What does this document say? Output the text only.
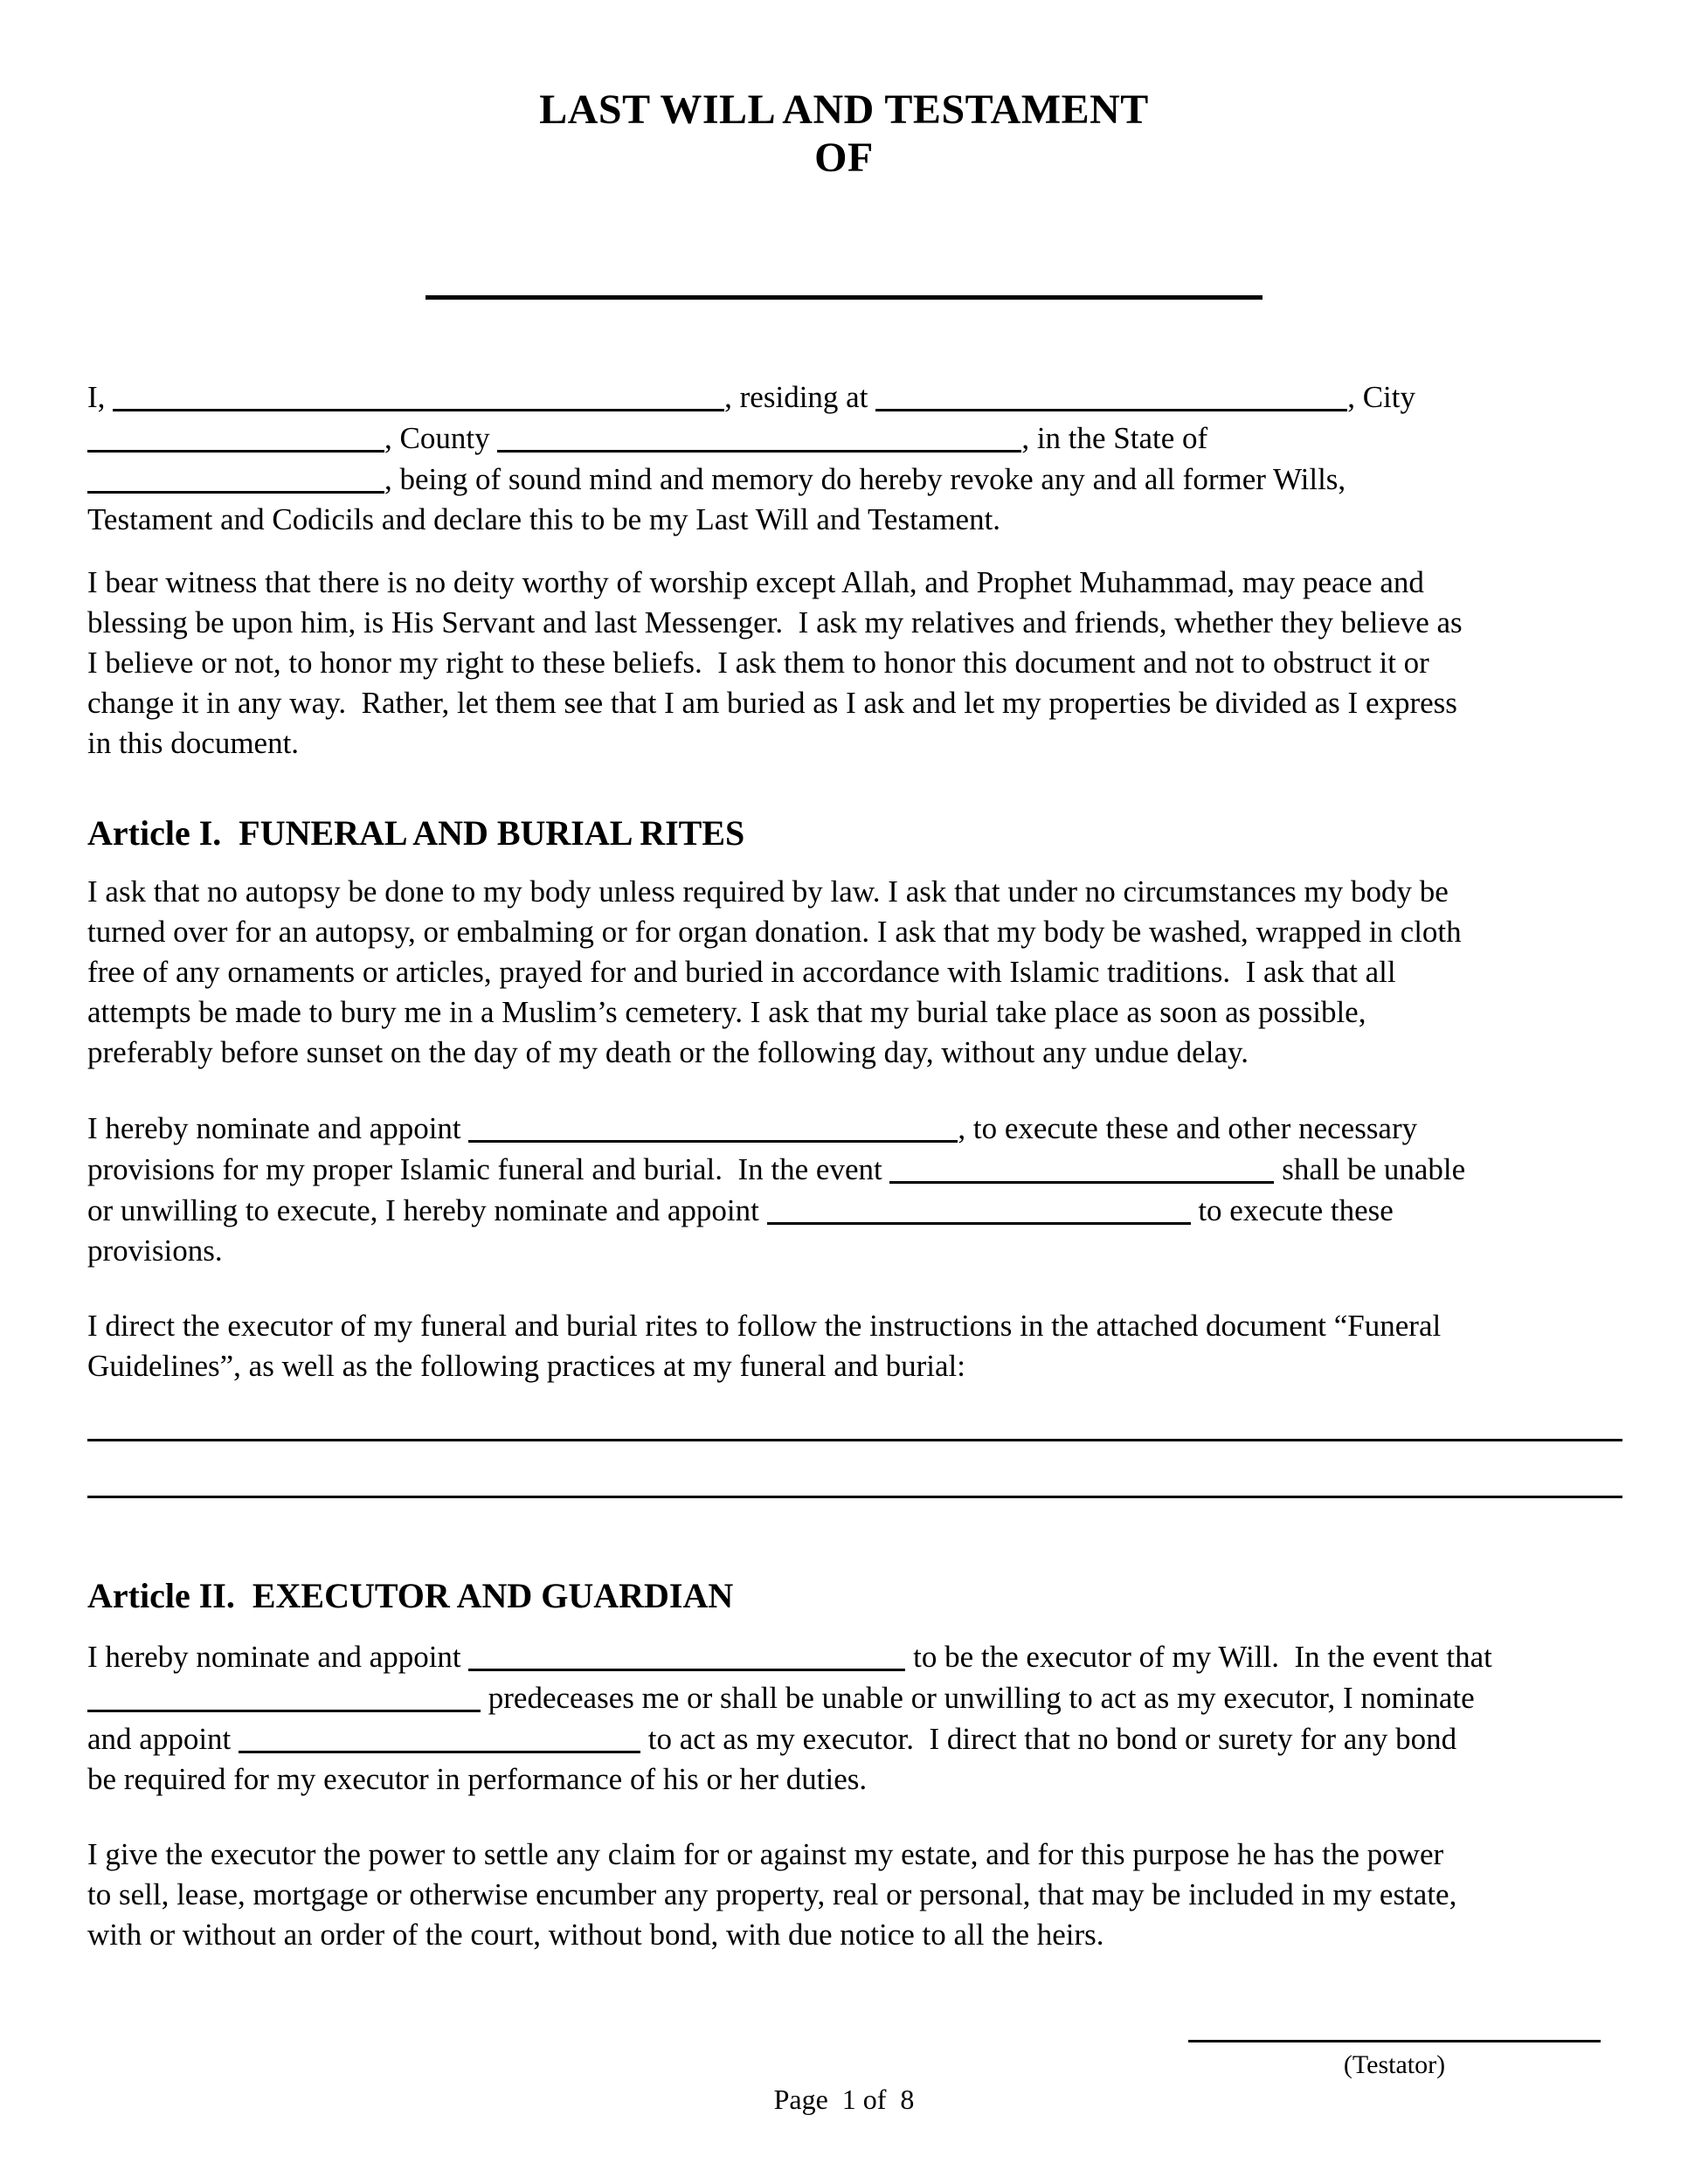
LAST WILL AND TESTAMENT
OF
I,	, residing at	, City
, County	, in the State of
, being of sound mind and memory do hereby revoke any and all former Wills,
Testament and Codicils and declare this to be my Last Will and Testament.
I bear witness that there is no deity worthy of worship except Allah, and Prophet Muhammad, may peace and
blessing be upon him, is His Servant and last Messenger.  I ask my relatives and friends, whether they believe as
I believe or not, to honor my right to these beliefs.  I ask them to honor this document and not to obstruct it or
change it in any way.  Rather, let them see that I am buried as I ask and let my properties be divided as I express
in this document.
Article I.  FUNERAL AND BURIAL RITES
I ask that no autopsy be done to my body unless required by law. I ask that under no circumstances my body be
turned over for an autopsy, or embalming or for organ donation. I ask that my body be washed, wrapped in cloth
free of any ornaments or articles, prayed for and buried in accordance with Islamic traditions.  I ask that all
attempts be made to bury me in a Muslim’s cemetery. I ask that my burial take place as soon as possible,
preferably before sunset on the day of my death or the following day, without any undue delay.
I hereby nominate and appoint	, to execute these and other necessary
provisions for my proper Islamic funeral and burial.  In the event	shall be unable
or unwilling to execute, I hereby nominate and appoint	to execute these
provisions.
I direct the executor of my funeral and burial rites to follow the instructions in the attached document “Funeral
Guidelines”, as well as the following practices at my funeral and burial:
Article II.  EXECUTOR AND GUARDIAN
I hereby nominate and appoint	to be the executor of my Will.  In the event that
predeceases me or shall be unable or unwilling to act as my executor, I nominate
and appoint	to act as my executor.  I direct that no bond or surety for any bond
be required for my executor in performance of his or her duties.
I give the executor the power to settle any claim for or against my estate, and for this purpose he has the power
to sell, lease, mortgage or otherwise encumber any property, real or personal, that may be included in my estate,
with or without an order of the court, without bond, with due notice to all the heirs.
(Testator)
Page  1 of  8
